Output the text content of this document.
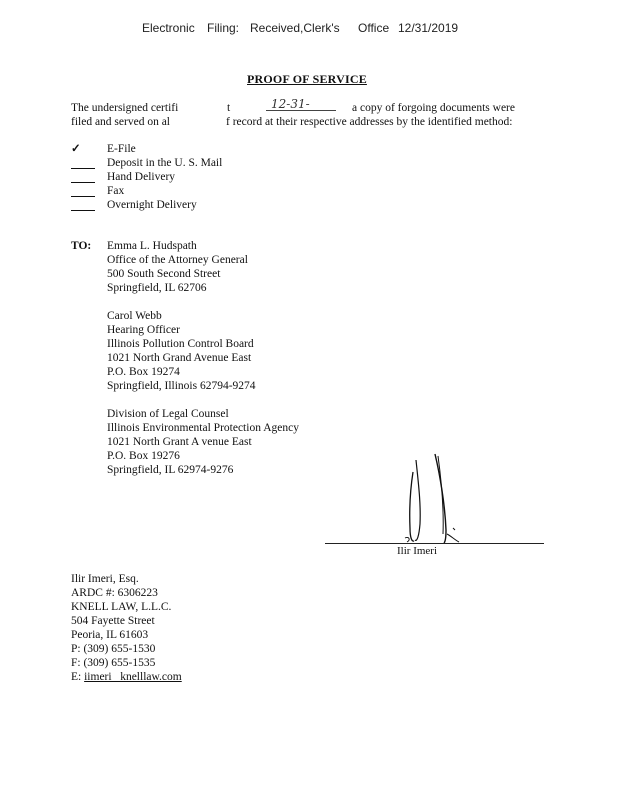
Electronic Filing: Received,Clerk's Office 12/31/2019
PROOF OF SERVICE
The undersigned certifi	t	12-31-	a copy of forgoing documents were
filed and served on al	f record at their respective addresses by the identified method:
✓ E-File
Deposit in the U. S. Mail
Hand Delivery
Fax
Overnight Delivery
TO: Emma L. Hudspath
Office of the Attorney General
500 South Second Street
Springfield, IL 62706
Carol Webb
Hearing Officer
Illinois Pollution Control Board
1021 North Grand Avenue East
P.O. Box 19274
Springfield, Illinois 62794-9274
Division of Legal Counsel
Illinois Environmental Protection Agency
1021 North Grant A venue East
P.O. Box 19276
Springfield, IL 62974-9276
Ilir Imeri
Ilir Imeri, Esq.
ARDC #: 6306223
KNELL LAW, L.L.C.
504 Fayette Street
Peoria, IL 61603
P: (309) 655-1530
F: (309) 655-1535
E: iimeri_ knelllaw.com
